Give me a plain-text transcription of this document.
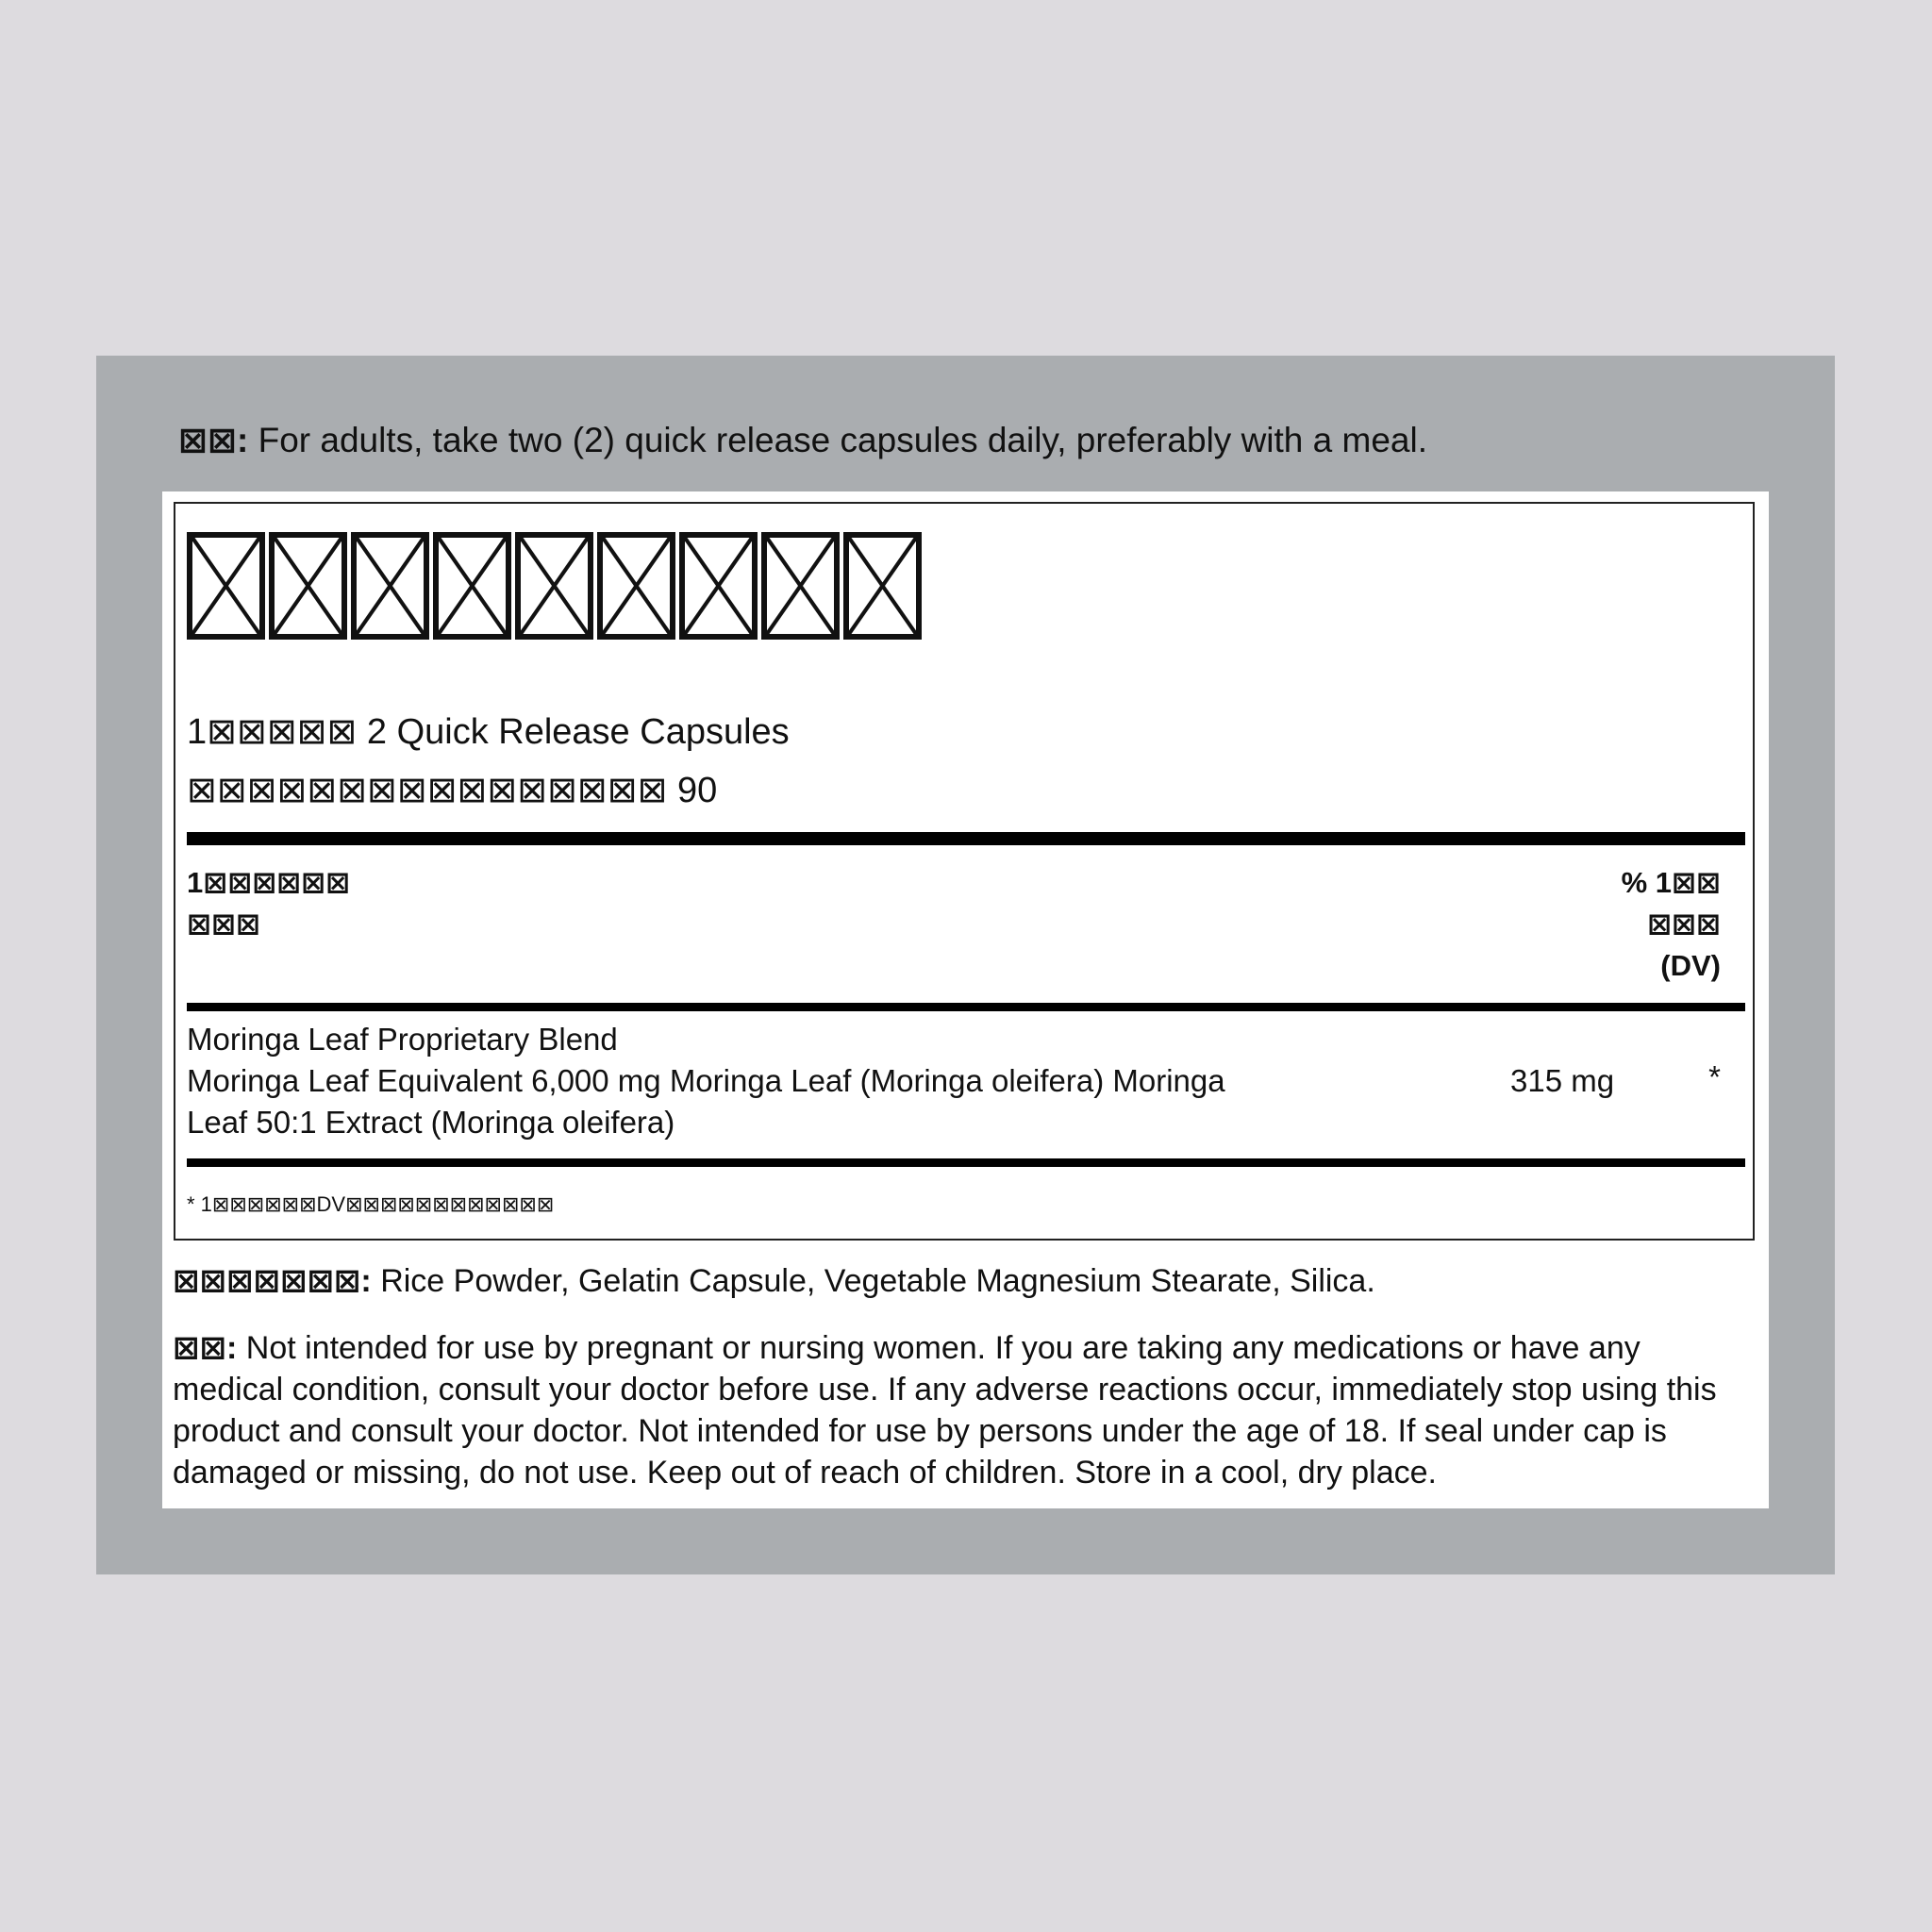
⊠⊠: For adults, take two (2) quick release capsules daily, preferably with a meal.
1⊠⊠⊠⊠⊠ 2 Quick Release Capsules
⊠⊠⊠⊠⊠⊠⊠⊠⊠⊠⊠⊠⊠⊠⊠⊠ 90
1⊠⊠⊠⊠⊠⊠
⊠⊠⊠
% 1⊠⊠
⊠⊠⊠
(DV)
Moringa Leaf Proprietary Blend
Moringa Leaf Equivalent 6,000 mg Moringa Leaf (Moringa oleifera) Moringa
Leaf 50:1 Extract (Moringa oleifera)
315 mg	*
* 1⊠⊠⊠⊠⊠⊠DV⊠⊠⊠⊠⊠⊠⊠⊠⊠⊠⊠⊠
⊠⊠⊠⊠⊠⊠⊠: Rice Powder, Gelatin Capsule, Vegetable Magnesium Stearate, Silica.
⊠⊠: Not intended for use by pregnant or nursing women. If you are taking any medications or have any medical condition, consult your doctor before use. If any adverse reactions occur, immediately stop using this product and consult your doctor. Not intended for use by persons under the age of 18. If seal under cap is damaged or missing, do not use. Keep out of reach of children. Store in a cool, dry place.
